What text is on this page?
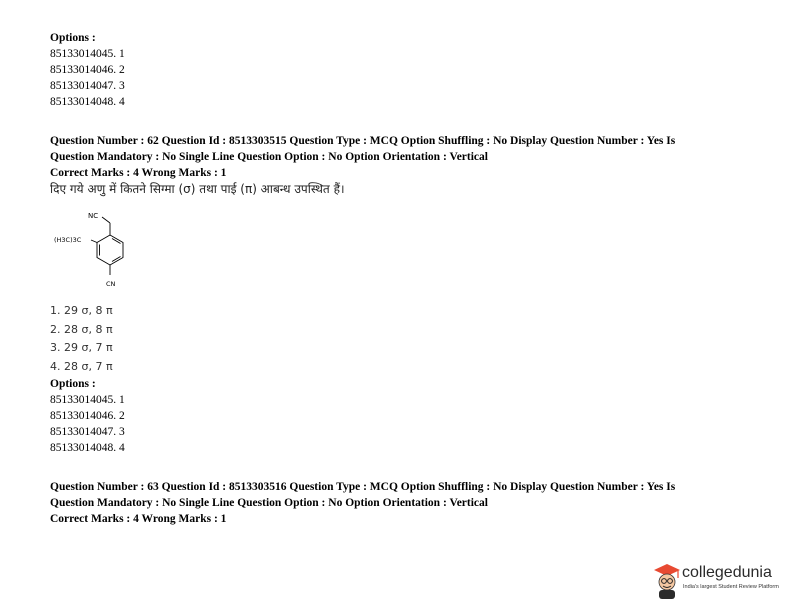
Options :
85133014045. 1
85133014046. 2
85133014047. 3
85133014048. 4
Question Number : 62 Question Id : 8513303515 Question Type : MCQ Option Shuffling : No Display Question Number : Yes Is
Question Mandatory : No Single Line Question Option : No Option Orientation : Vertical
Correct Marks : 4 Wrong Marks : 1
दिए गये अणु में कितने सिग्मा (σ) तथा पाई (π) आबन्ध उपस्थित हैं।
NC
(H3C)3C
CN
1. 29 σ, 8 π
2. 28 σ, 8 π
3. 29 σ, 7 π
4. 28 σ, 7 π
Options :
85133014045. 1
85133014046. 2
85133014047. 3
85133014048. 4
Question Number : 63 Question Id : 8513303516 Question Type : MCQ Option Shuffling : No Display Question Number : Yes Is
Question Mandatory : No Single Line Question Option : No Option Orientation : Vertical
Correct Marks : 4 Wrong Marks : 1
collegedunia
India's largest Student Review Platform
